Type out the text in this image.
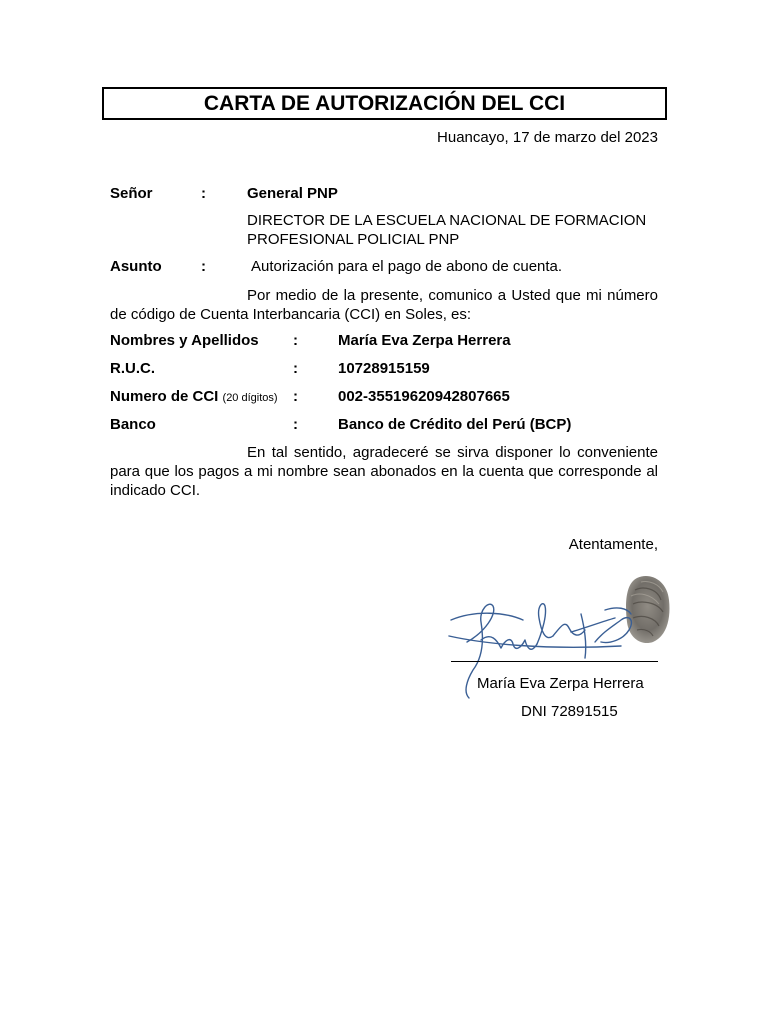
CARTA DE AUTORIZACIÓN DEL CCI
Huancayo, 17 de marzo del 2023
Señor	:	General PNP
DIRECTOR DE LA ESCUELA NACIONAL DE FORMACION
PROFESIONAL POLICIAL PNP
Asunto	:	Autorización para el pago de abono de cuenta.
Por medio de la presente, comunico a Usted que mi número de código de Cuenta Interbancaria (CCI) en Soles, es:
Nombres y Apellidos :	María Eva Zerpa Herrera
R.U.C.	:	10728915159
Numero de CCI (20 dígitos) :	002-35519620942807665
Banco	:	Banco de Crédito del Perú (BCP)
En tal sentido, agradeceré se sirva disponer lo conveniente para que los pagos a mi nombre sean abonados en la cuenta que corresponde al indicado CCI.
Atentamente,
María Eva Zerpa Herrera
DNI 72891515
